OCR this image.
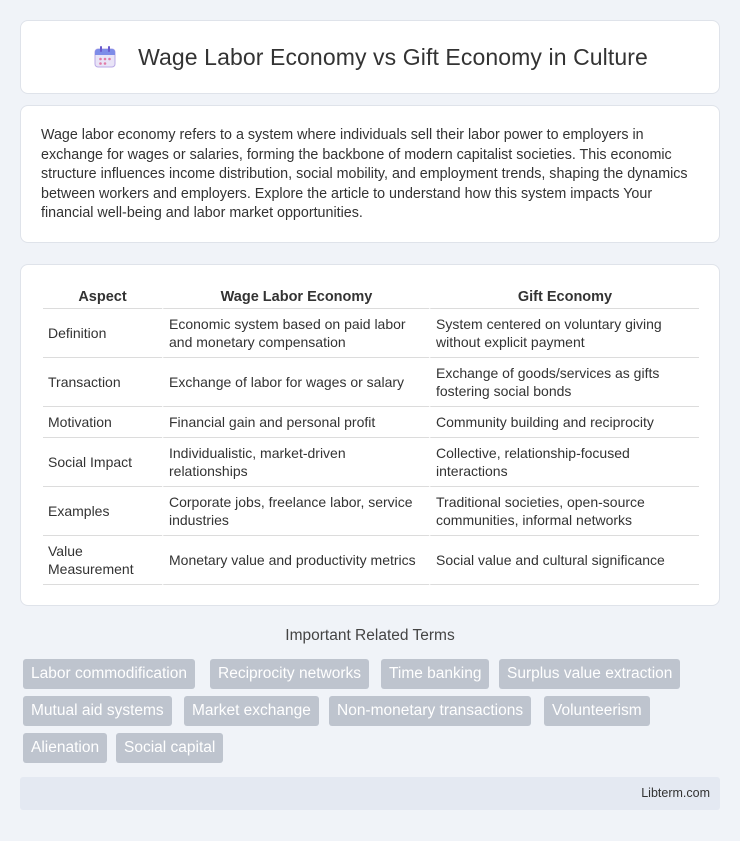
Wage Labor Economy vs Gift Economy in Culture

Wage labor economy refers to a system where individuals sell their labor power to employers in exchange for wages or salaries, forming the backbone of modern capitalist societies. This economic structure influences income distribution, social mobility, and employment trends, shaping the dynamics between workers and employers. Explore the article to understand how this system impacts Your financial well-being and labor market opportunities.

Aspect	Wage Labor Economy	Gift Economy
Definition	Economic system based on paid labor and monetary compensation	System centered on voluntary giving without explicit payment
Transaction	Exchange of labor for wages or salary	Exchange of goods/services as gifts fostering social bonds
Motivation	Financial gain and personal profit	Community building and reciprocity
Social Impact	Individualistic, market-driven relationships	Collective, relationship-focused interactions
Examples	Corporate jobs, freelance labor, service industries	Traditional societies, open-source communities, informal networks
Value Measurement	Monetary value and productivity metrics	Social value and cultural significance
Important Related Terms
Labor commodification	Reciprocity networks	Time banking	Surplus value extraction
Mutual aid systems	Market exchange	Non-monetary transactions	Volunteerism
Alienation	Social capital
Libterm.com
